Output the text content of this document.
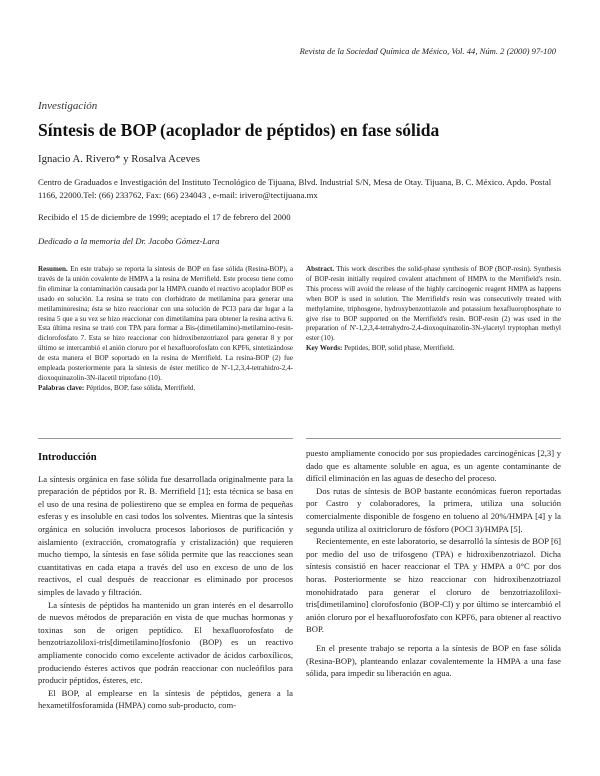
Revista de la Sociedad Química de México, Vol. 44, Núm. 2 (2000) 97-100
Investigación
Síntesis de BOP (acoplador de péptidos) en fase sólida
Ignacio A. Rivero* y Rosalva Aceves
Centro de Graduados e Investigación del Instituto Tecnológico de Tijuana, Blvd. Industrial S/N, Mesa de Otay. Tijuana, B. C. México. Apdo. Postal 1166, 22000.Tel: (66) 233762, Fax: (66) 234043 , e-mail: irivero@tectijuana.mx
Recibido el 15 de diciembre de 1999; aceptado el 17 de febrero del 2000
Dedicado a la memoria del Dr. Jacobo Gómez-Lara
Resumen. En este trabajo se reporta la síntesis de BOP en fase sólida (Resina-BOP), a través de la unión covalente de HMPA a la resina de Merrifield. Este proceso tiene como fin eliminar la contaminación causada por la HMPA cuando el reactivo acoplador BOP es usado en solución. La resina se trato con clorhidrato de metilamina para generar una metilaminoresina; ésta se hizo reaccionar con una solución de PCl3 para dar lugar a la resina 5 que a su vez se hizo reaccionar con dimetilamina para obtener la resina activa 6. Esta última resina se trató con TPA para formar a Bis-(dimetilamino)-metilamino-resin-diclorofosfato 7. Esta se hizo reaccionar con hidroxibenzotriazol para generar 8 y por último se intercambió el anión cloruro por el hexafluorofosfato con KPF6, sintetizándose de esta manera el BOP soportado en la resina de Merrifield. La resina-BOP (2) fue empleada posteriormente para la síntesis de éster metílico de N'-1,2,3,4-tetrahidro-2,4-dioxoquinazolin-3N-ilacetil triptofano (10).
Palabras clave: Péptidos, BOP, fase sólida, Merrifield.
Abstract. This work describes the solid-phase synthesis of BOP (BOP-resin). Synthesis of BOP-resin initially required covalent attachment of HMPA to the Merrifield's resin. This process will avoid the release of the highly carcinogenic reagent HMPA as happens when BOP is used in solution. The Merrifield's resin was consecutively treated with methylamine, triphosgene, hydroxybenzotriazole and potassium hexafluorophosphate to give rise to BOP supported on the Merrifield's resin. BOP-resin (2) was used in the preparation of N'-1,2,3,4-tetrahydro-2,4-dioxoquinazolin-3N-ylacetyl tryptophan methyl ester (10).
Key Words: Peptides, BOP, solid phase, Merrifield.
Introducción

La síntesis orgánica en fase sólida fue desarrollada originalmente para la preparación de péptidos por R. B. Merrifield [1]; esta técnica se basa en el uso de una resina de poliestireno que se emplea en forma de pequeñas esferas y es insoluble en casi todos los solventes. Mientras que la síntesis orgánica en solución involucra procesos laboriosos de purificación y aislamiento (extracción, cromatografía y cristalización) que requieren mucho tiempo, la síntesis en fase sólida permite que las reacciones sean cuantitativas en cada etapa a través del uso en exceso de uno de los reactivos, el cual después de reaccionar es eliminado por procesos simples de lavado y filtración.

La síntesis de péptidos ha mantenido un gran interés en el desarrollo de nuevos métodos de preparación en vista de que muchas hormonas y toxinas son de origen peptídico. El hexafluorofosfato de benzotriazoliloxi-tris[dimetilamino]fosfonio (BOP) es un reactivo ampliamente conocido como excelente activador de ácidos carboxílicos, produciendo ésteres activos que podrán reaccionar con nucleófilos para producir péptidos, ésteres, etc.

El BOP, al emplearse en la síntesis de péptidos, genera a la hexametilfosforamida (HMPA) como sub-producto, com-

puesto ampliamente conocido por sus propiedades carcinogénicas [2,3] y dado que es altamente soluble en agua, es un agente contaminante de difícil eliminación en las aguas de desecho del proceso.

Dos rutas de síntesis de BOP bastante económicas fueron reportadas por Castro y colaboradores, la primera, utiliza una solución comercialmente disponible de fosgeno en tolueno al 20%/HMPA [4] y la segunda utiliza al oxitricloruro de fósforo (POCl 3)/HMPA [5].

Recientemente, en este laboratorio, se desarrolló la síntesis de BOP [6] por medio del uso de trifosgeno (TPA) e hidroxibenzotriazol. Dicha síntesis consistió en hacer reaccionar el TPA y HMPA a 0°C por dos horas. Posteriormente se hizo reaccionar con hidroxibenzotriazol monohidratado para generar el cloruro de benzotriazoliloxi-tris[dimetilamino] clorofosfonio (BOP-Cl) y por último se intercambió el anión cloruro por el hexafluorofosfato con KPF6, para obtener al reactivo BOP.

En el presente trabajo se reporta a la síntesis de BOP en fase sólida (Resina-BOP), planteando enlazar covalentemente la HMPA a una fase sólida, para impedir su liberación en agua.
